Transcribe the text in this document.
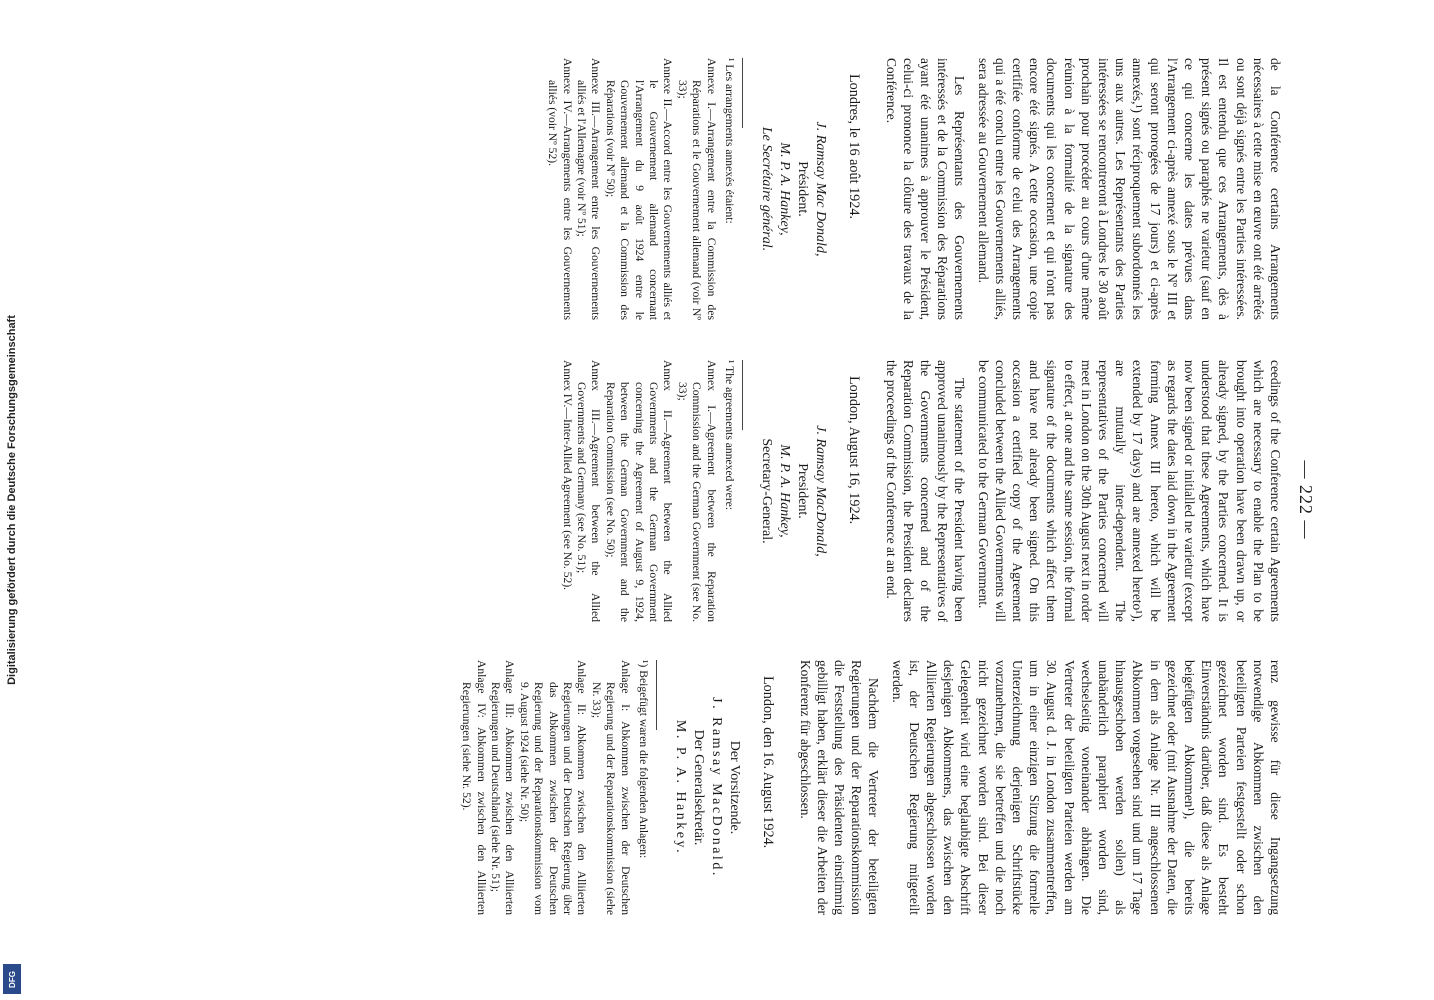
Digitalisierung gefördert durch die Deutsche Forschungsgemeinschaft
DFG
— 222 —

de la Conférence certains Arrangements nécessaires à cette mise en œuvre ont été arrêtés ou sont déjà signés entre les Parties intéressées. Il est entendu que ces Arrangements, dès à présent signés ou paraphés ne varietur (sauf en ce qui concerne les dates prévues dans l'Arrangement ci-après annexé sous le Nº III et qui seront prorogées de 17 jours) et ci-après annexés,¹) sont réciproquement subordonnés les uns aux autres. Les Représentants des Parties intéressées se rencontreront à Londres le 30 août prochain pour procéder au cours d'une même réunion à la formalité de la signature des documents qui les concernent et qui n'ont pas encore été signés. A cette occasion, une copie certifiée conforme de celui des Arrangements qui a été conclu entre les Gouvernements alliés, sera adressée au Gouvernement allemand.

Les Représentants des Gouvernements intéressés et de la Commission des Réparations ayant été unanimes à approuver le Président, celui-ci prononce la clôture des travaux de la Conférence.

Londres, le 16 août 1924.
J. Ramsay Mac Donald,
Président.
M. P. A. Hankey,
Le Secrétaire général.
¹ Les arrangements annexés étaient:
Annexe I.—Arrangement entre la Commission des Réparations et le Gouvernement allemand (voir Nº 33);
Annexe II.—Accord entre les Gouvernements alliés et le Gouvernement allemand concernant l'Arrangement du 9 août 1924 entre le Gouvernement allemand et la Commission des Réparations (voir Nº 50);
Annexe III.—Arrangement entre les Gouvernements alliés et l'Allemagne (voir Nº 51);
Annexe IV.—Arrangements entre les Gouvernements alliés (voir Nº 52).

ceedings of the Conference certain Agreements which are necessary to enable the Plan to be brought into operation have been drawn up, or already signed, by the Parties concerned. It is understood that these Agreements, which have now been signed or initialled ne varietur (except as regards the dates laid down in the Agreement forming Annex III hereto, which will be extended by 17 days) and are annexed hereto¹), are mutually inter-dependent. The representatives of the Parties concerned will meet in London on the 30th August next in order to effect, at one and the same session, the formal signature of the documents which affect them and have not already been signed. On this occasion a certified copy of the Agreement concluded between the Allied Governments will be communicated to the German Government.

The statement of the President having been approved unanimously by the Representatives of the Governments concerned and of the Reparation Commission, the President declares the proceedings of the Conference at an end.

London, August 16, 1924.
J. Ramsay MacDonald,
President.
M. P. A. Hankey,
Secretary-General.
¹ The agreements annexed were:
Annex I.—Agreement between the Reparation Commission and the German Government (see No. 33);
Annex II.—Agreement between the Allied Governments and the German Government concerning the Agreement of August 9, 1924, between the German Government and the Reparation Commission (see No. 50);
Annex III.—Agreement between the Allied Governments and Germany (see No. 51);
Annex IV.—Inter-Allied Agreement (see No. 52).

renz gewisse für diese Ingangsetzung notwendige Abkommen zwischen den beteiligten Parteien festgestellt oder schon gezeichnet worden sind. Es besteht Einverständnis darüber, daß diese als Anlage beigefügten Abkommen¹), die bereits gezeichnet oder (mit Ausnahme der Daten, die in dem als Anlage Nr. III angeschlossenen Abkommen vorgesehen sind und um 17 Tage hinausgeschoben werden sollen) als unabänderlich paraphiert worden sind, wechselseitig voneinander abhängen. Die Vertreter der beteiligten Parteien werden am 30. August d. J. in London zusammentreffen, um in einer einzigen Sitzung die formelle Unterzeichnung derjenigen Schriftstücke vorzunehmen, die sie betreffen und die noch nicht gezeichnet worden sind. Bei dieser Gelegenheit wird eine beglaubigte Abschrift desjenigen Abkommens, das zwischen den Alliierten Regierungen abgeschlossen worden ist, der Deutschen Regierung mitgeteilt werden.

Nachdem die Vertreter der beteiligten Regierungen und der Reparationskommission die Feststellung des Präsidenten einstimmig gebilligt haben, erklärt dieser die Arbeiten der Konferenz für abgeschlossen.

London, den 16. August 1924.
Der Vorsitzende.
J. Ramsay MacDonald.
Der Generalsekretär.
M. P. A. Hankey.
¹) Beigefügt waren die folgenden Anlagen:
Anlage I: Abkommen zwischen der Deutschen Regierung und der Reparationskommission (siehe Nr. 33);
Anlage II: Abkommen zwischen den Alliierten Regierungen und der Deutschen Regierung über das Abkommen zwischen der Deutschen Regierung und der Reparationskommission vom 9. August 1924 (siehe Nr. 50);
Anlage III: Abkommen zwischen den Alliierten Regierungen und Deutschland (siehe Nr. 51);
Anlage IV: Abkommen zwischen den Alliierten Regierungen (siehe Nr. 52).
